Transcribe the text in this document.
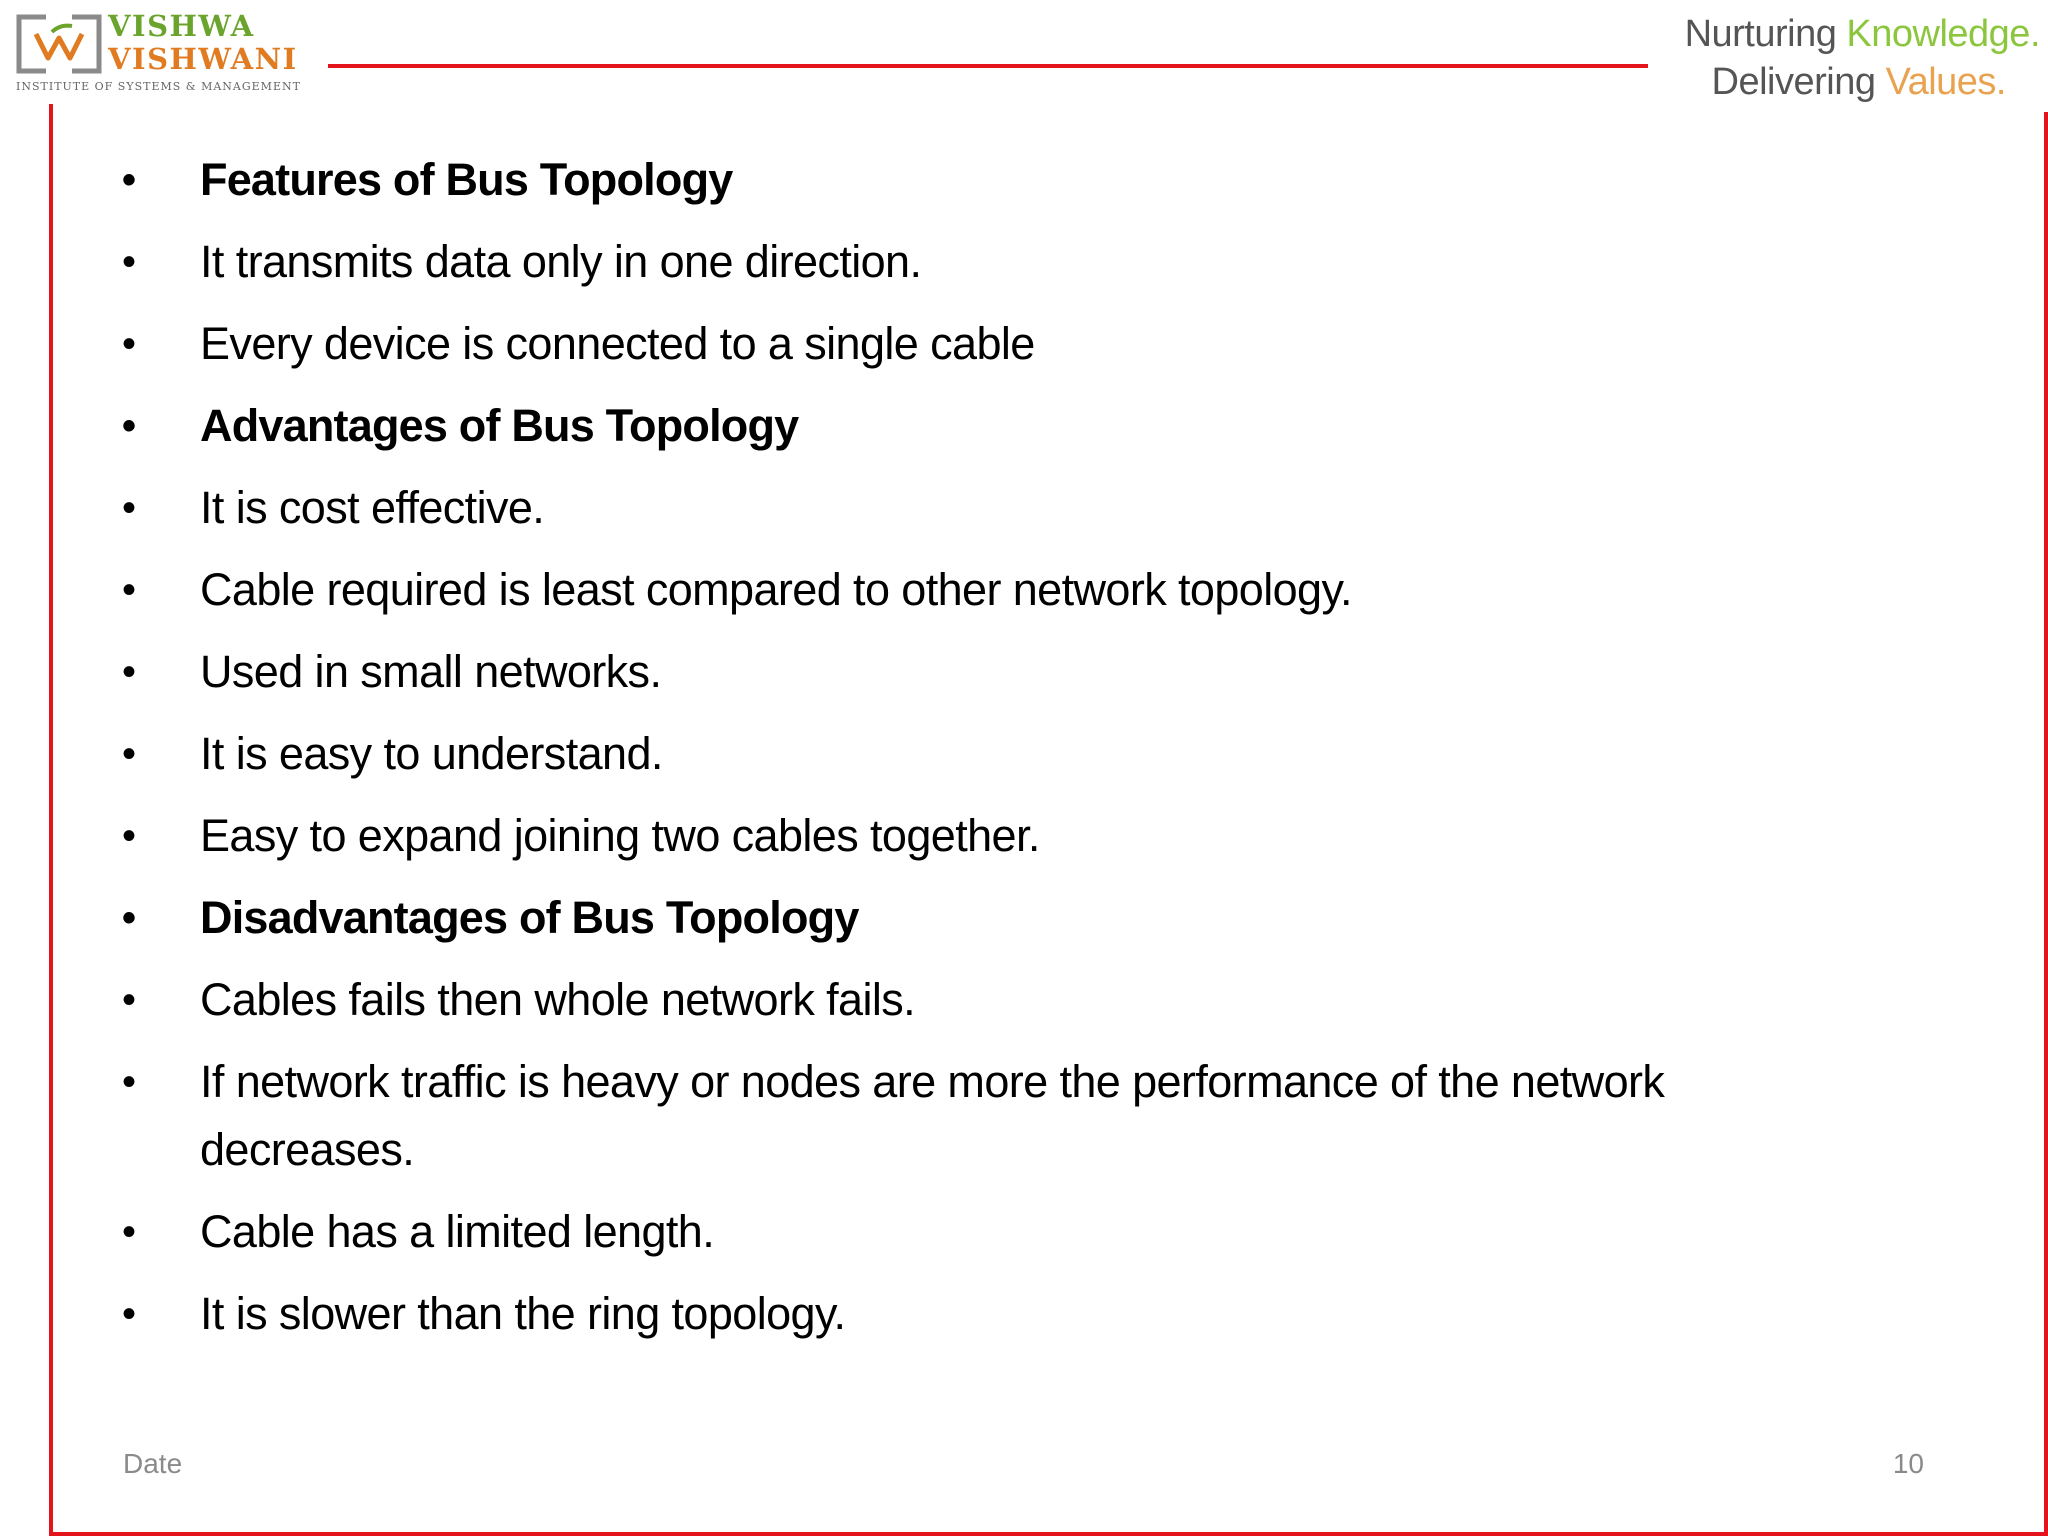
VISHWA
VISHWANI
INSTITUTE OF SYSTEMS & MANAGEMENT
Nurturing Knowledge.
Delivering Values.
• Features of Bus Topology
• It transmits data only in one direction.
• Every device is connected to a single cable
• Advantages of Bus Topology
• It is cost effective.
• Cable required is least compared to other network topology.
• Used in small networks.
• It is easy to understand.
• Easy to expand joining two cables together.
• Disadvantages of Bus Topology
• Cables fails then whole network fails.
• If network traffic is heavy or nodes are more the performance of the network decreases.
• Cable has a limited length.
• It is slower than the ring topology.
Date	10
